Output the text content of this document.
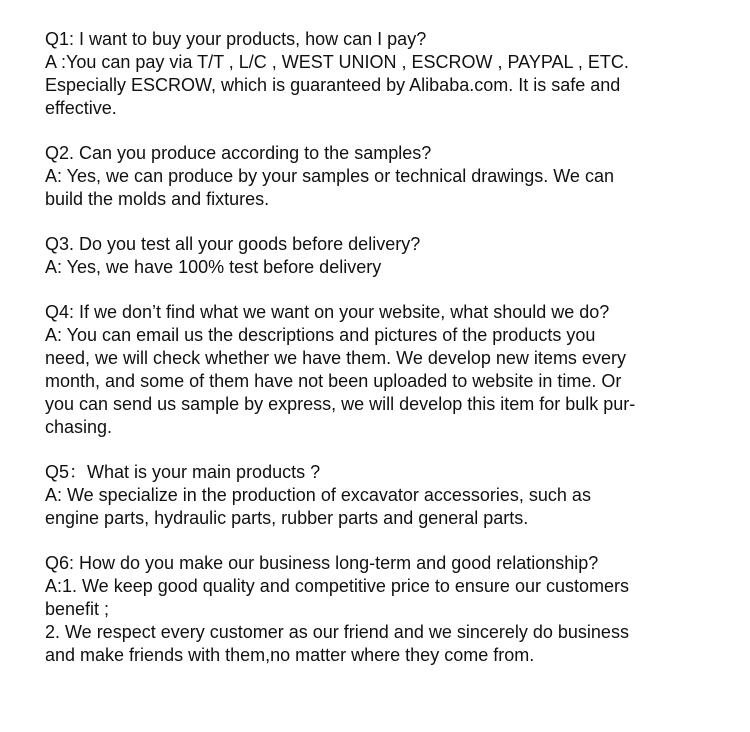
Q1: I want to buy your products, how can I pay?
A :You can pay via T/T , L/C , WEST UNION , ESCROW , PAYPAL , ETC.
Especially ESCROW, which is guaranteed by Alibaba.com. It is safe and
effective.
Q2. Can you produce according to the samples?
A: Yes, we can produce by your samples or technical drawings. We can
build the molds and fixtures.
Q3. Do you test all your goods before delivery?
A: Yes, we have 100% test before delivery
Q4: If we don’t find what we want on your website, what should we do?
A: You can email us the descriptions and pictures of the products you
need, we will check whether we have them. We develop new items every
month, and some of them have not been uploaded to website in time. Or
you can send us sample by express, we will develop this item for bulk pur-
chasing.
Q5：What is your main products ?
A: We specialize in the production of excavator accessories, such as
engine parts, hydraulic parts, rubber parts and general parts.
Q6: How do you make our business long-term and good relationship?
A:1. We keep good quality and competitive price to ensure our customers
benefit ;
2. We respect every customer as our friend and we sincerely do business
and make friends with them,no matter where they come from.
